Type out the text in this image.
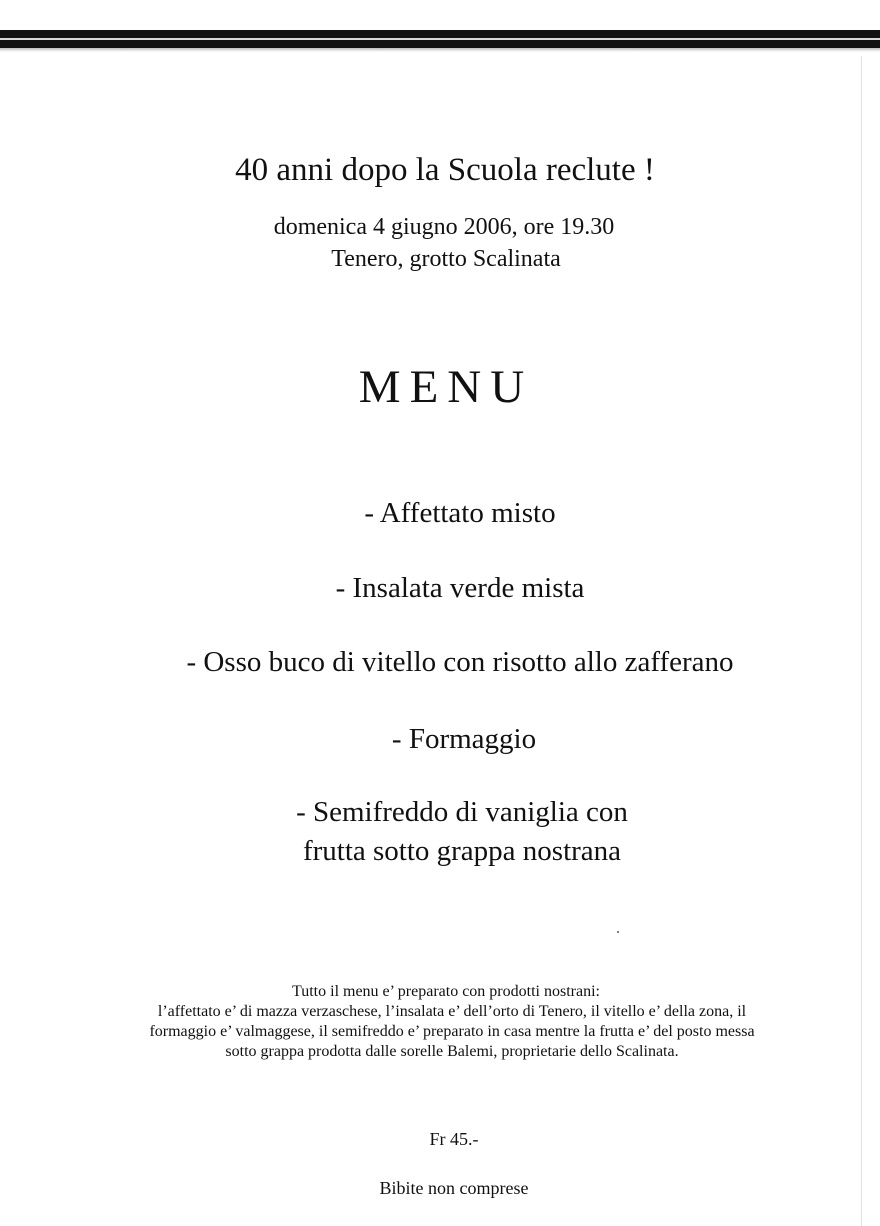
40 anni dopo la Scuola reclute !
domenica 4 giugno 2006, ore 19.30
Tenero, grotto Scalinata
MENU
- Affettato misto
- Insalata verde mista
- Osso buco di vitello con risotto allo zafferano
- Formaggio
- Semifreddo di vaniglia con
frutta sotto grappa nostrana
Tutto il menu e’ preparato con prodotti nostrani:
l’affettato e’ di mazza verzaschese, l’insalata e’ dell’orto di Tenero, il vitello e’ della zona, il
formaggio e’ valmaggese, il semifreddo e’ preparato in casa mentre la frutta e’ del posto messa
sotto grappa prodotta dalle sorelle Balemi, proprietarie dello Scalinata.
Fr 45.-
Bibite non comprese
